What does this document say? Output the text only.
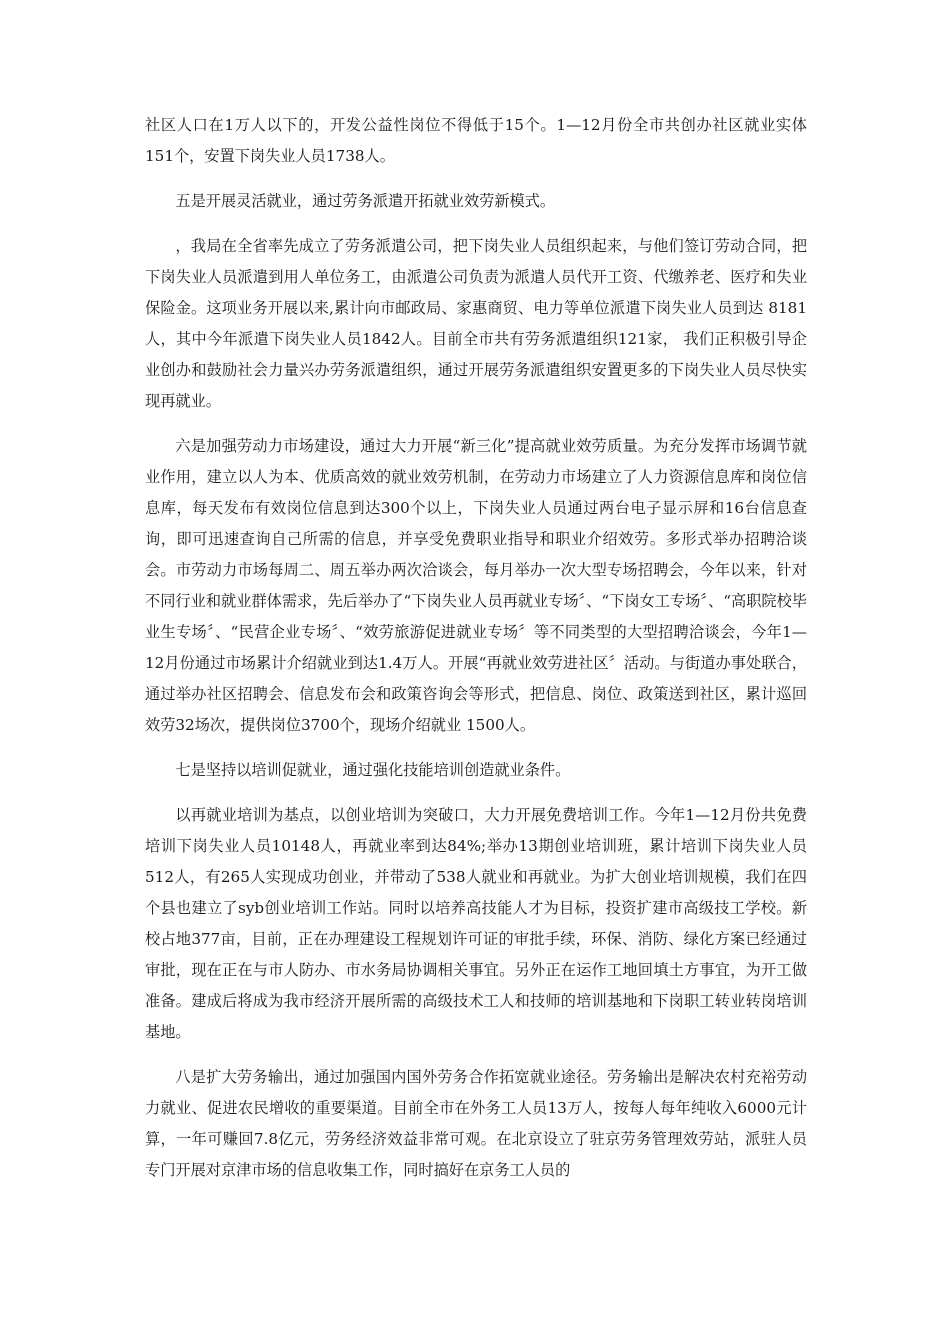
社区人口在1万人以下的，开发公益性岗位不得低于15个。1—12月份全市共创办社区就业实体151个，安置下岗失业人员1738人。

五是开展灵活就业，通过劳务派遣开拓就业效劳新模式。

，我局在全省率先成立了劳务派遣公司，把下岗失业人员组织起来，与他们签订劳动合同，把下岗失业人员派遣到用人单位务工，由派遣公司负责为派遣人员代开工资、代缴养老、医疗和失业保险金。这项业务开展以来,累计向市邮政局、家惠商贸、电力等单位派遣下岗失业人员到达 8181人，其中今年派遣下岗失业人员1842人。目前全市共有劳务派遣组织121家， 我们正积极引导企业创办和鼓励社会力量兴办劳务派遣组织，通过开展劳务派遣组织安置更多的下岗失业人员尽快实现再就业。

六是加强劳动力市场建设，通过大力开展“新三化”提高就业效劳质量。为充分发挥市场调节就业作用，建立以人为本、优质高效的就业效劳机制，在劳动力市场建立了人力资源信息库和岗位信息库，每天发布有效岗位信息到达300个以上，下岗失业人员通过两台电子显示屏和16台信息查询，即可迅速查询自己所需的信息，并享受免费职业指导和职业介绍效劳。多形式举办招聘洽谈会。市劳动力市场每周二、周五举办两次洽谈会，每月举办一次大型专场招聘会，今年以来，针对不同行业和就业群体需求，先后举办了“下岗失业人员再就业专场〞、“下岗女工专场〞、“高职院校毕业生专场〞、“民营企业专场〞、“效劳旅游促进就业专场〞等不同类型的大型招聘洽谈会，今年1—12月份通过市场累计介绍就业到达1.4万人。开展“再就业效劳进社区〞活动。与街道办事处联合，通过举办社区招聘会、信息发布会和政策咨询会等形式，把信息、岗位、政策送到社区，累计巡回效劳32场次，提供岗位3700个，现场介绍就业 1500人。

七是坚持以培训促就业，通过强化技能培训创造就业条件。

以再就业培训为基点，以创业培训为突破口，大力开展免费培训工作。今年1—12月份共免费培训下岗失业人员10148人，再就业率到达84%;举办13期创业培训班，累计培训下岗失业人员512人，有265人实现成功创业，并带动了538人就业和再就业。为扩大创业培训规模，我们在四个县也建立了syb创业培训工作站。同时以培养高技能人才为目标，投资扩建市高级技工学校。新校占地377亩，目前，正在办理建设工程规划许可证的审批手续，环保、消防、绿化方案已经通过审批，现在正在与市人防办、市水务局协调相关事宜。另外正在运作工地回填土方事宜，为开工做准备。建成后将成为我市经济开展所需的高级技术工人和技师的培训基地和下岗职工转业转岗培训基地。

八是扩大劳务输出，通过加强国内国外劳务合作拓宽就业途径。劳务输出是解决农村充裕劳动力就业、促进农民增收的重要渠道。目前全市在外务工人员13万人，按每人每年纯收入6000元计算，一年可赚回7.8亿元，劳务经济效益非常可观。在北京设立了驻京劳务管理效劳站，派驻人员专门开展对京津市场的信息收集工作，同时搞好在京务工人员的
